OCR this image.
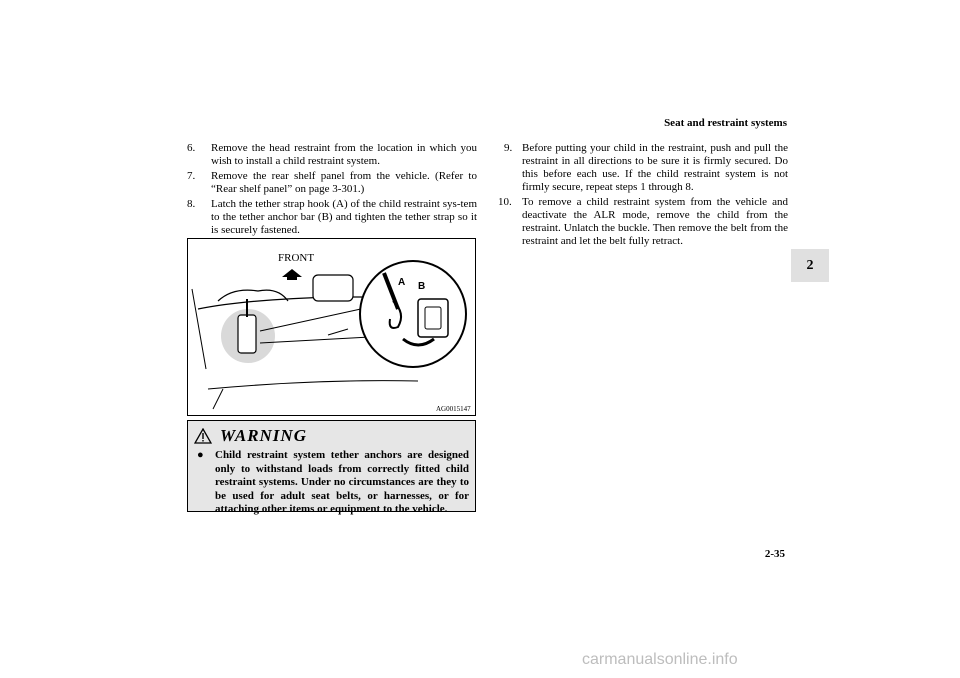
Seat and restraint systems
2
6. Remove the head restraint from the location in which you wish to install a child restraint system.
7. Remove the rear shelf panel from the vehicle. (Refer to “Rear shelf panel” on page 3-301.)
8. Latch the tether strap hook (A) of the child restraint sys-tem to the tether anchor bar (B) and tighten the tether strap so it is securely fastened.
FRONT
A B
AG0015147
WARNING
● Child restraint system tether anchors are designed only to withstand loads from correctly fitted child restraint systems. Under no circumstances are they to be used for adult seat belts, or harnesses, or for attaching other items or equipment to the vehicle.
9. Before putting your child in the restraint, push and pull the restraint in all directions to be sure it is firmly secured. Do this before each use. If the child restraint system is not firmly secure, repeat steps 1 through 8.
10. To remove a child restraint system from the vehicle and deactivate the ALR mode, remove the child from the restraint. Unlatch the buckle. Then remove the belt from the restraint and let the belt fully retract.
2-35
carmanualsonline.info
